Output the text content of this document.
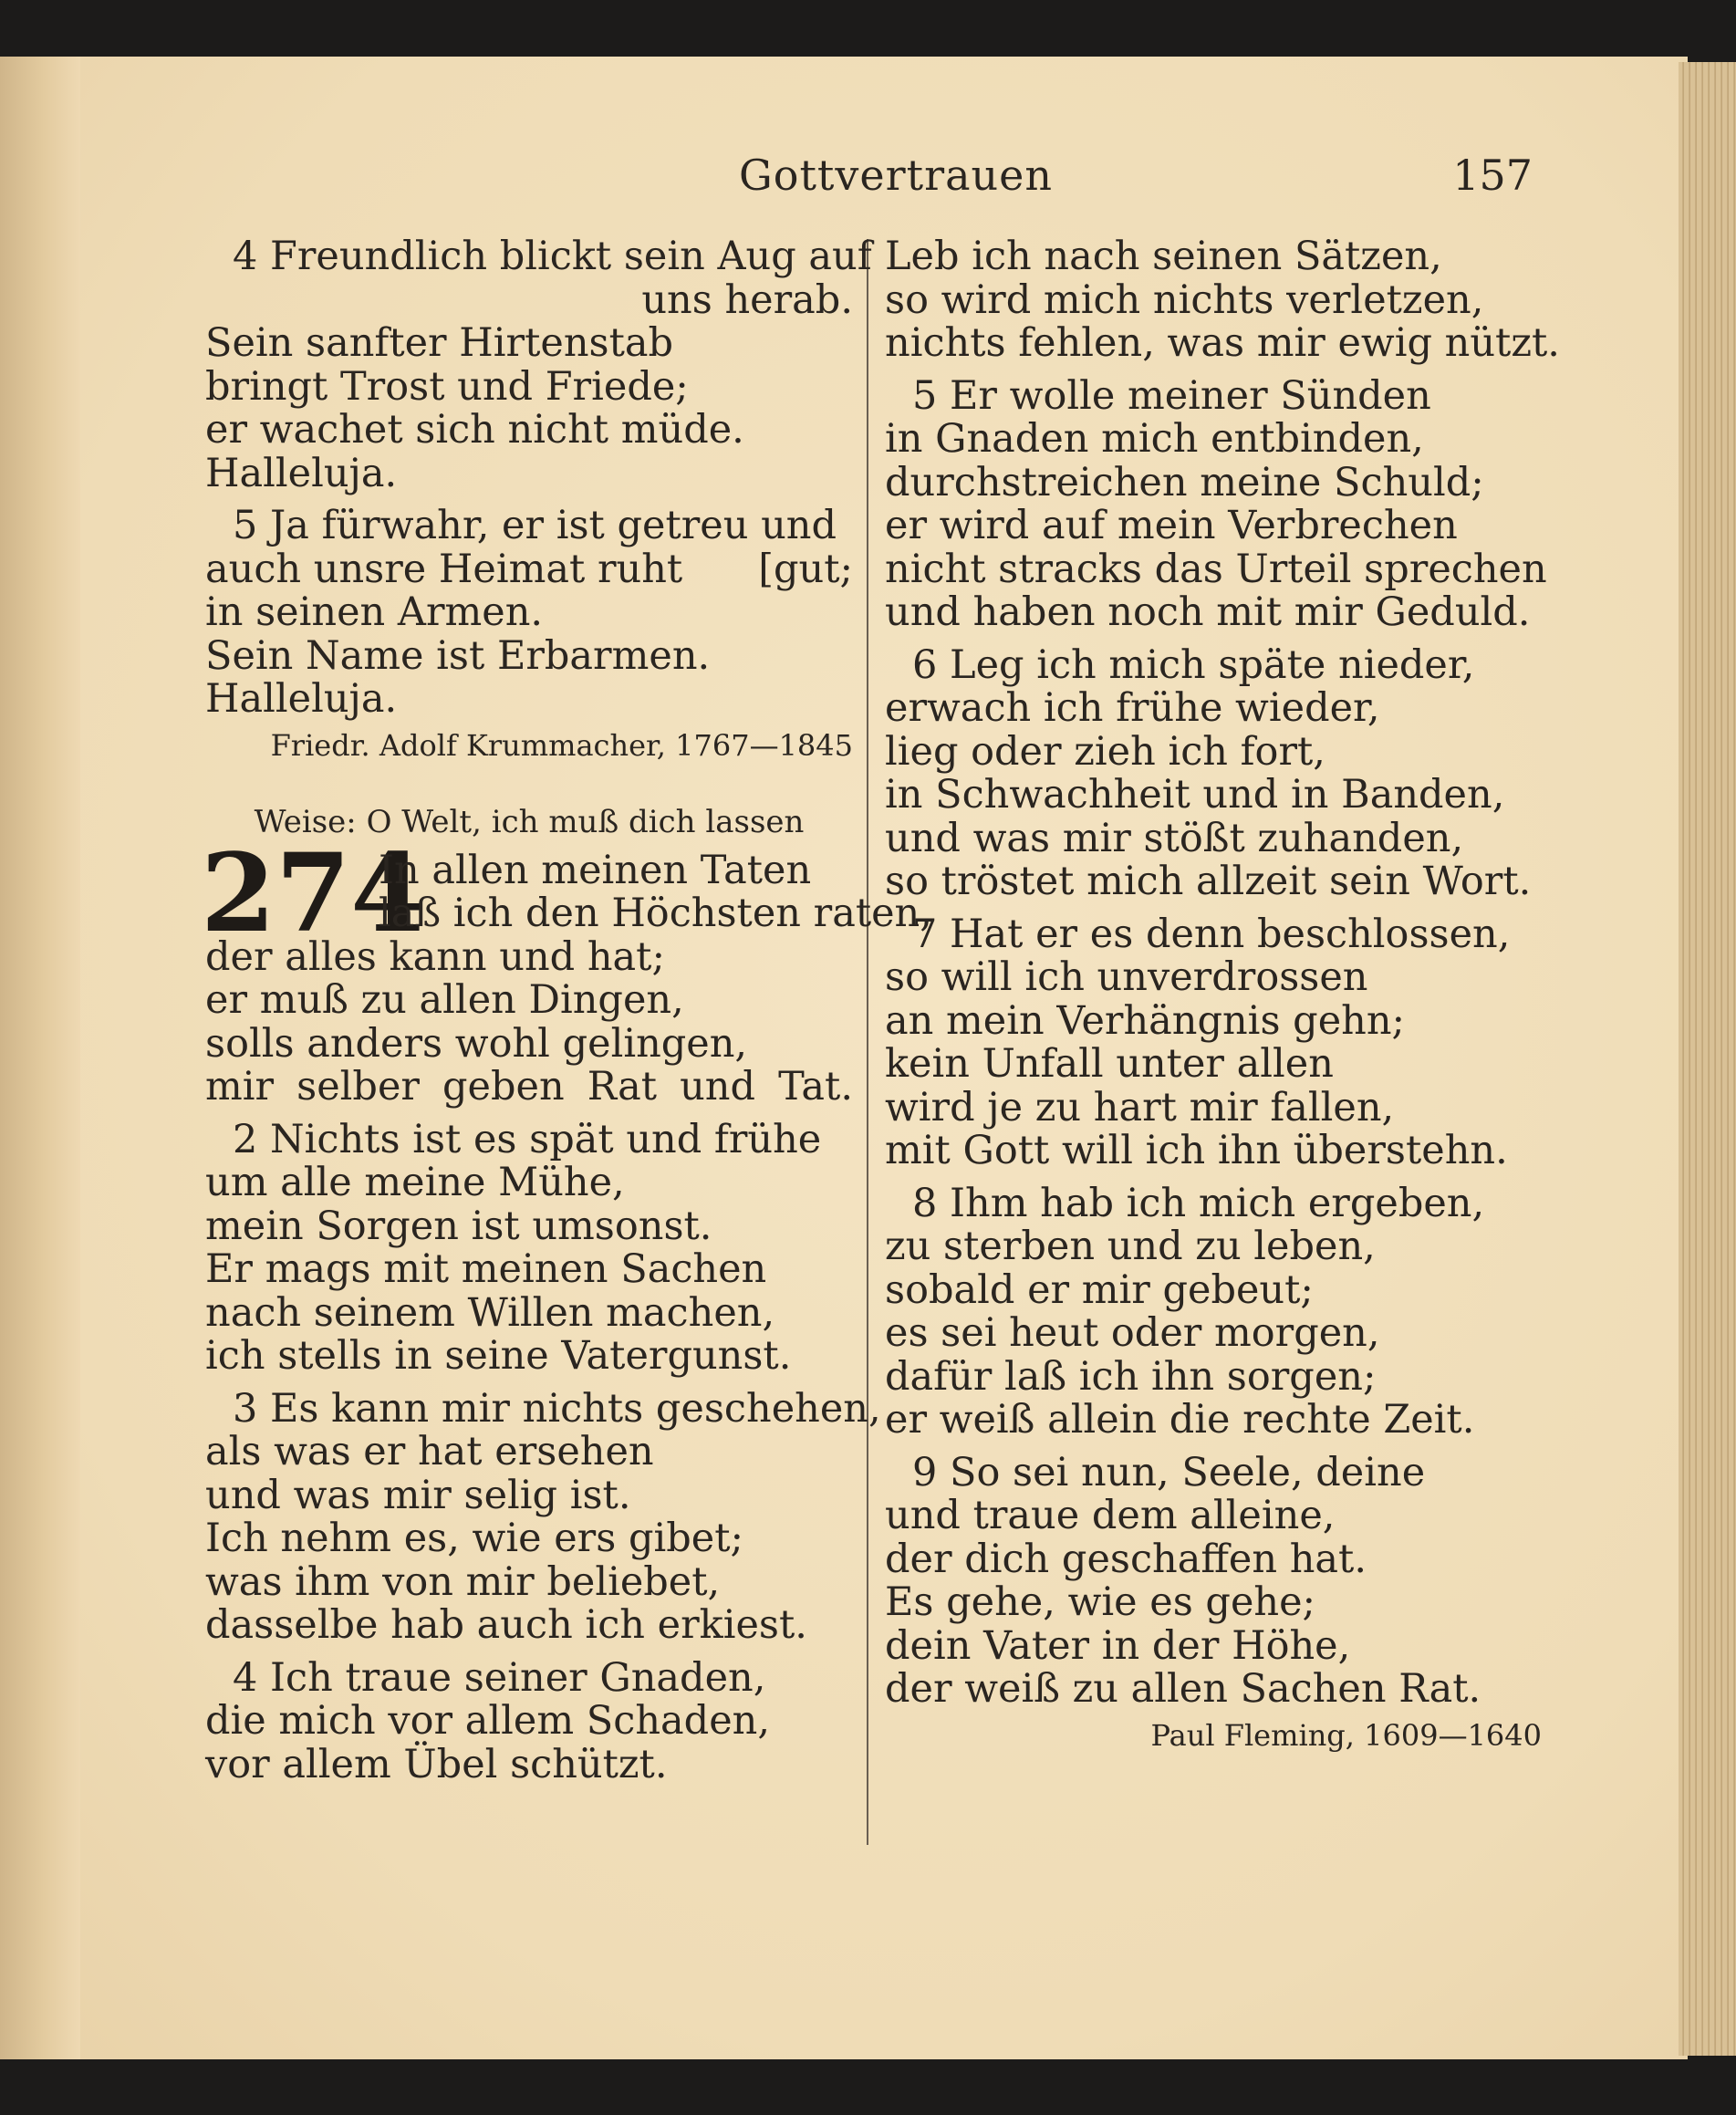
Gottvertrauen	157
4 Freundlich blickt sein Aug auf
uns herab.
Sein sanfter Hirtenstab
bringt Trost und Friede;
er wachet sich nicht müde.
Halleluja.
5 Ja fürwahr, er ist getreu und
auch unsre Heimat ruht [gut;
in seinen Armen.
Sein Name ist Erbarmen.
Halleluja.
Friedr. Adolf Krummacher, 1767—1845
Weise: O Welt, ich muß dich lassen
274
In allen meinen Taten
laß ich den Höchsten raten,
der alles kann und hat;
er muß zu allen Dingen,
solls anders wohl gelingen,
mir selber geben Rat und Tat.
2 Nichts ist es spät und frühe
um alle meine Mühe,
mein Sorgen ist umsonst.
Er mags mit meinen Sachen
nach seinem Willen machen,
ich stells in seine Vatergunst.
3 Es kann mir nichts geschehen,
als was er hat ersehen
und was mir selig ist.
Ich nehm es, wie ers gibet;
was ihm von mir beliebet,
dasselbe hab auch ich erkiest.
4 Ich traue seiner Gnaden,
die mich vor allem Schaden,
vor allem Übel schützt.
Leb ich nach seinen Sätzen,
so wird mich nichts verletzen,
nichts fehlen, was mir ewig nützt.
5 Er wolle meiner Sünden
in Gnaden mich entbinden,
durchstreichen meine Schuld;
er wird auf mein Verbrechen
nicht stracks das Urteil sprechen
und haben noch mit mir Geduld.
6 Leg ich mich späte nieder,
erwach ich frühe wieder,
lieg oder zieh ich fort,
in Schwachheit und in Banden,
und was mir stößt zuhanden,
so tröstet mich allzeit sein Wort.
7 Hat er es denn beschlossen,
so will ich unverdrossen
an mein Verhängnis gehn;
kein Unfall unter allen
wird je zu hart mir fallen,
mit Gott will ich ihn überstehn.
8 Ihm hab ich mich ergeben,
zu sterben und zu leben,
sobald er mir gebeut;
es sei heut oder morgen,
dafür laß ich ihn sorgen;
er weiß allein die rechte Zeit.
9 So sei nun, Seele, deine
und traue dem alleine,
der dich geschaffen hat.
Es gehe, wie es gehe;
dein Vater in der Höhe,
der weiß zu allen Sachen Rat.
Paul Fleming, 1609—1640
